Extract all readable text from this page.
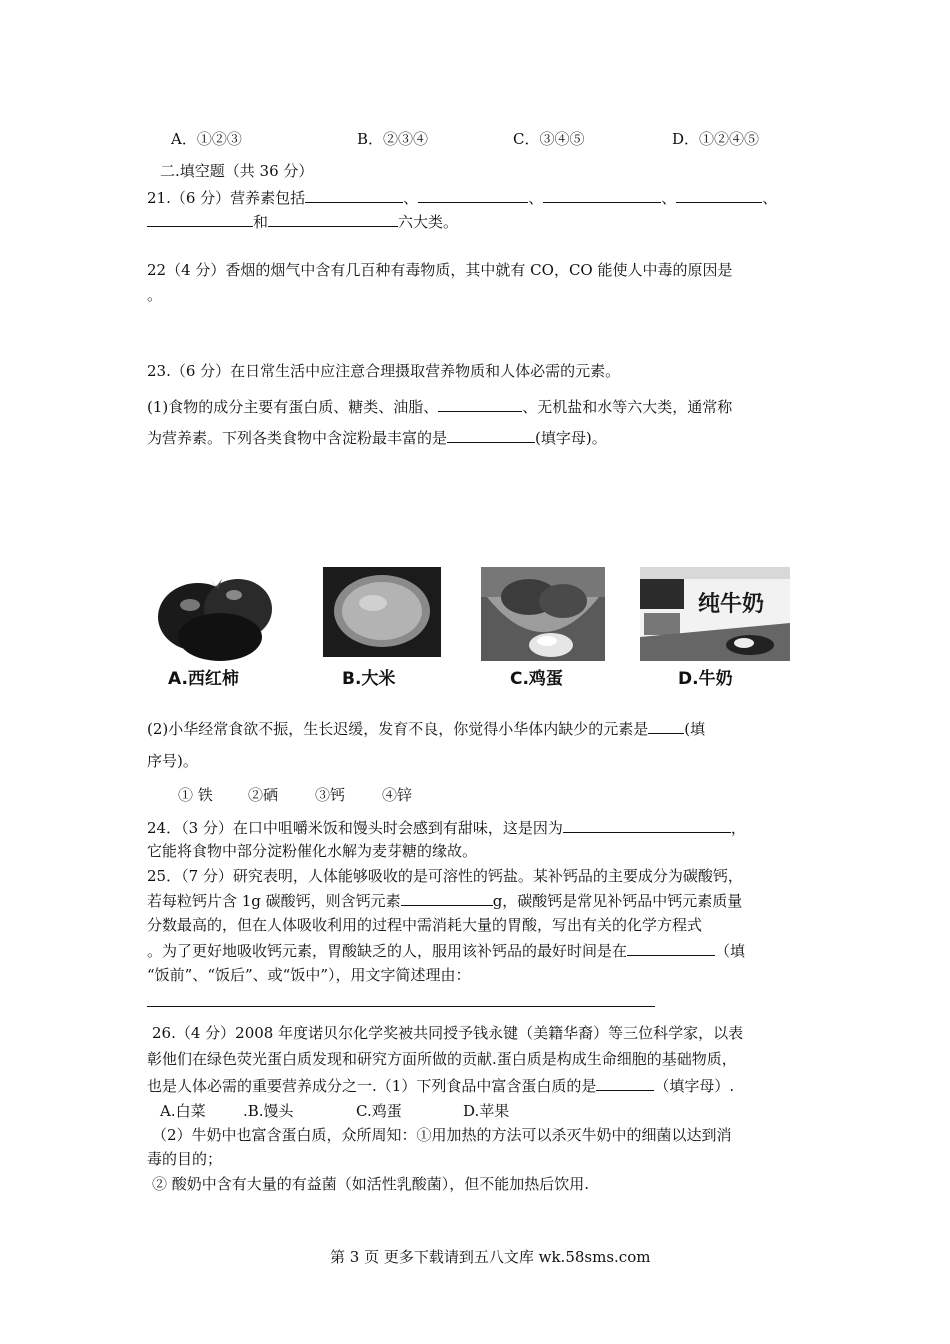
A．①②③	B．②③④	C．③④⑤	D．①②④⑤
二.填空题（共 36 分）
21.（6 分）营养素包括	、	、	、	、
和	六大类。
22（4 分）香烟的烟气中含有几百种有毒物质，其中就有 CO，CO 能使人中毒的原因是
。
23.（6 分）在日常生活中应注意合理摄取营养物质和人体必需的元素。
(1)食物的成分主要有蛋白质、糖类、油脂、	、无机盐和水等六大类，通常称
为营养素。下列各类食物中含淀粉最丰富的是	(填字母)。
纯牛奶
A.西红柿	B.大米	C.鸡蛋	D.牛奶
(2)小华经常食欲不振，生长迟缓，发育不良，你觉得小华体内缺少的元素是 (填
序号)。
① 铁 ②硒 ③钙 ④锌
24．（3 分）在口中咀嚼米饭和馒头时会感到有甜味，这是因为	，
它能将食物中部分淀粉催化水解为麦芽糖的缘故。
25．（7 分）研究表明，人体能够吸收的是可溶性的钙盐。某补钙品的主要成分为碳酸钙，
若每粒钙片含 1g 碳酸钙，则含钙元素	g，碳酸钙是常见补钙品中钙元素质量
分数最高的，但在人体吸收利用的过程中需消耗大量的胃酸，写出有关的化学方程式
。为了更好地吸收钙元素，胃酸缺乏的人，服用该补钙品的最好时间是在	（填
“饭前”、“饭后”、或“饭中”），用文字简述理由：
26.（4 分）2008 年度诺贝尔化学奖被共同授予钱永键（美籍华裔）等三位科学家，以表
彰他们在绿色荧光蛋白质发现和研究方面所做的贡献.蛋白质是构成生命细胞的基础物质，
也是人体必需的重要营养成分之一.（1）下列食品中富含蛋白质的是	（填字母）.
A.白菜 .B.馒头	C.鸡蛋	D.苹果
（2）牛奶中也富含蛋白质，众所周知：①用加热的方法可以杀灭牛奶中的细菌以达到消
毒的目的；
② 酸奶中含有大量的有益菌（如活性乳酸菌），但不能加热后饮用.
第 3 页 更多下载请到五八文库 wk.58sms.com
